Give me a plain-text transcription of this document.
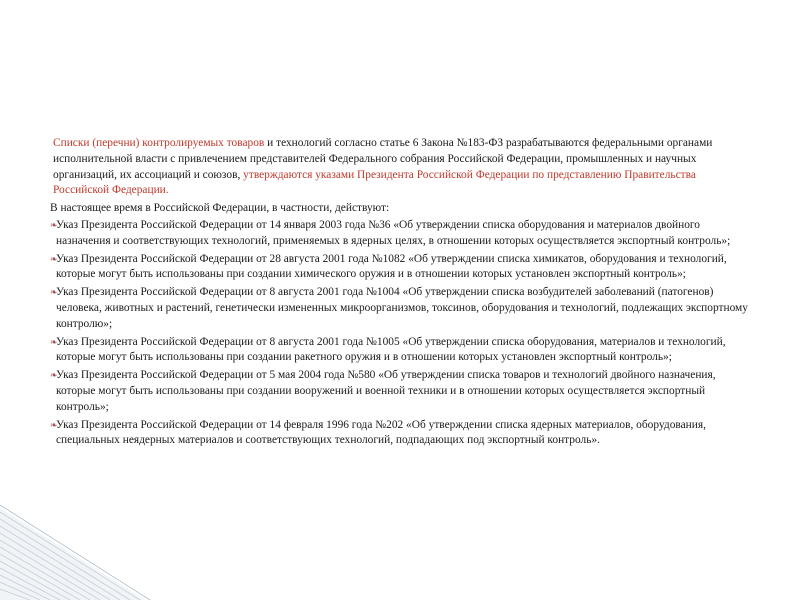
Списки (перечни) контролируемых товаров и технологий согласно статье 6 Закона №183-ФЗ разрабатываются федеральными органами исполнительной власти с привлечением представителей Федерального собрания Российской Федерации, промышленных и научных организаций, их ассоциаций и союзов, утверждаются указами Президента Российской Федерации по представлению Правительства Российской Федерации.

В настоящее время в Российской Федерации, в частности, действуют:

❧
Указ Президента Российской Федерации от 14 января 2003 года №36 «Об утверждении списка оборудования и материалов двойного назначения и соответствующих технологий, применяемых в ядерных целях, в отношении которых осуществляется экспортный контроль»;
❧
Указ Президента Российской Федерации от 28 августа 2001 года №1082 «Об утверждении списка химикатов, оборудования и технологий, которые могут быть использованы при создании химического оружия и в отношении которых установлен экспортный контроль»;
❧
Указ Президента Российской Федерации от 8 августа 2001 года №1004 «Об утверждении списка возбудителей заболеваний (патогенов) человека, животных и растений, генетически измененных микроорганизмов, токсинов, оборудования и технологий, подлежащих экспортному контролю»;
❧
Указ Президента Российской Федерации от 8 августа 2001 года №1005 «Об утверждении списка оборудования, материалов и технологий, которые могут быть использованы при создании ракетного оружия и в отношении которых установлен экспортный контроль»;
❧
Указ Президента Российской Федерации от 5 мая 2004 года №580 «Об утверждении списка товаров и технологий двойного назначения, которые могут быть использованы при создании вооружений и военной техники и в отношении которых осуществляется экспортный контроль»;
❧
Указ Президента Российской Федерации от 14 февраля 1996 года №202 «Об утверждении списка ядерных материалов, оборудования, специальных неядерных материалов и соответствующих технологий, подпадающих под экспортный контроль».
